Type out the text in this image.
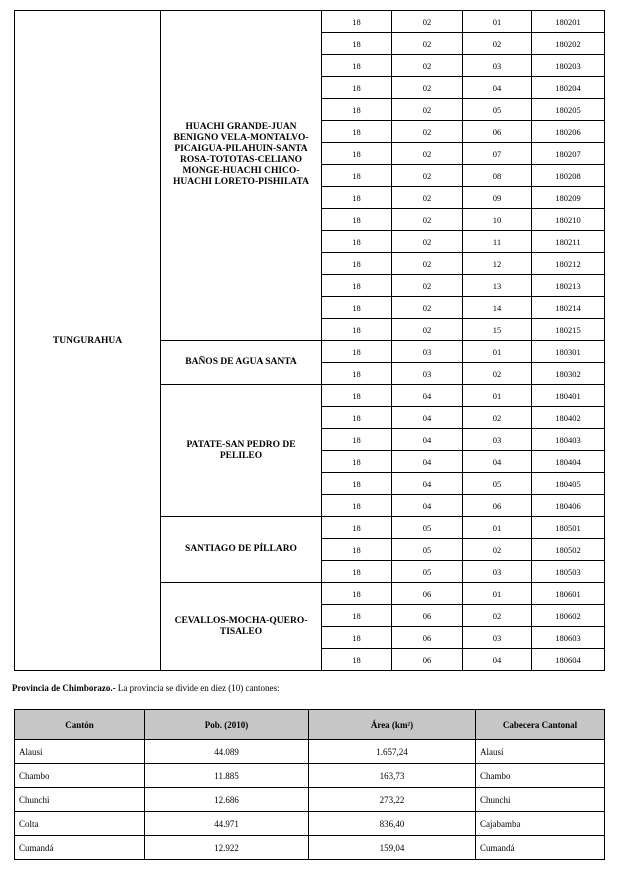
TUNGURAHUA	HUACHI GRANDE-JUAN BENIGNO VELA-MONTALVO-PICAIGUA-PILAHUIN-SANTA ROSA-TOTOTAS-CELIANO MONGE-HUACHI CHICO-HUACHI LORETO-PISHILATA	18	02	01	180201
		18	02	02	180202
		18	02	03	180203
		18	02	04	180204
		18	02	05	180205
		18	02	06	180206
		18	02	07	180207
		18	02	08	180208
		18	02	09	180209
		18	02	10	180210
		18	02	11	180211
		18	02	12	180212
		18	02	13	180213
		18	02	14	180214
		18	02	15	180215
	BAÑOS DE AGUA SANTA	18	03	01	180301
		18	03	02	180302
	PATATE-SAN PEDRO DE PELILEO	18	04	01	180401
		18	04	02	180402
		18	04	03	180403
		18	04	04	180404
		18	04	05	180405
		18	04	06	180406
	SANTIAGO DE PÍLLARO	18	05	01	180501
		18	05	02	180502
		18	05	03	180503
	CEVALLOS-MOCHA-QUERO-TISALEO	18	06	01	180601
		18	06	02	180602
		18	06	03	180603
		18	06	04	180604
Provincia de Chimborazo.- La provincia se divide en diez (10) cantones:
Cantón	Pob. (2010)	Área (km²)	Cabecera Cantonal
Alausí	44.089	1.657,24	Alausí
Chambo	11.885	163,73	Chambo
Chunchi	12.686	273,22	Chunchi
Colta	44.971	836,40	Cajabamba
Cumandá	12.922	159,04	Cumandá
